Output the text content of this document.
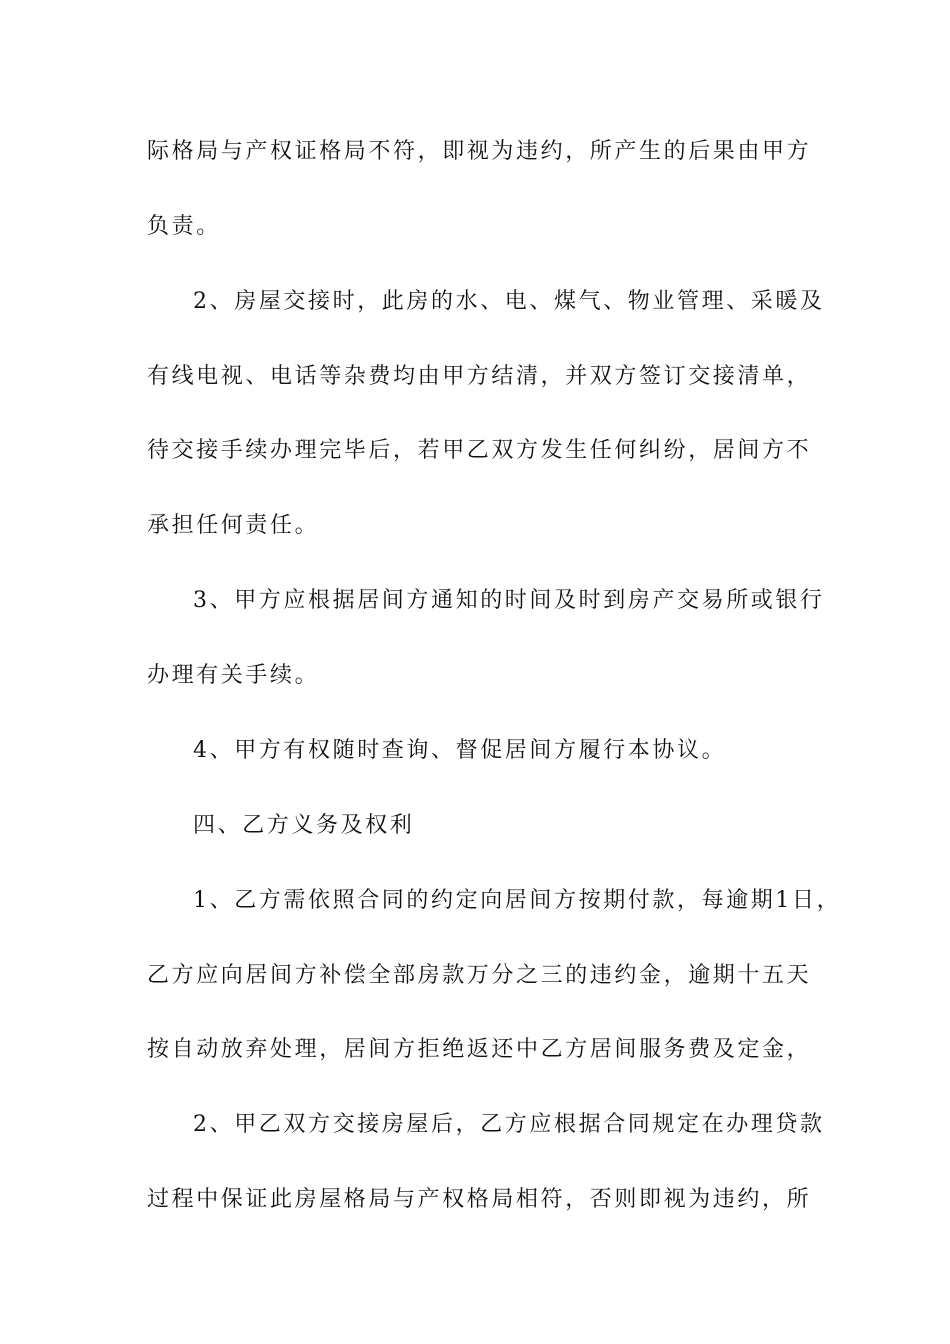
际格局与产权证格局不符，即视为违约，所产生的后果由甲方
负责。
2、房屋交接时，此房的水、电、煤气、物业管理、采暖及
有线电视、电话等杂费均由甲方结清，并双方签订交接清单，
待交接手续办理完毕后，若甲乙双方发生任何纠纷，居间方不
承担任何责任。
3、甲方应根据居间方通知的时间及时到房产交易所或银行
办理有关手续。
4、甲方有权随时查询、督促居间方履行本协议。
四、乙方义务及权利
1、乙方需依照合同的约定向居间方按期付款，每逾期1日，
乙方应向居间方补偿全部房款万分之三的违约金，逾期十五天
按自动放弃处理，居间方拒绝返还中乙方居间服务费及定金，
2、甲乙双方交接房屋后，乙方应根据合同规定在办理贷款
过程中保证此房屋格局与产权格局相符，否则即视为违约，所
